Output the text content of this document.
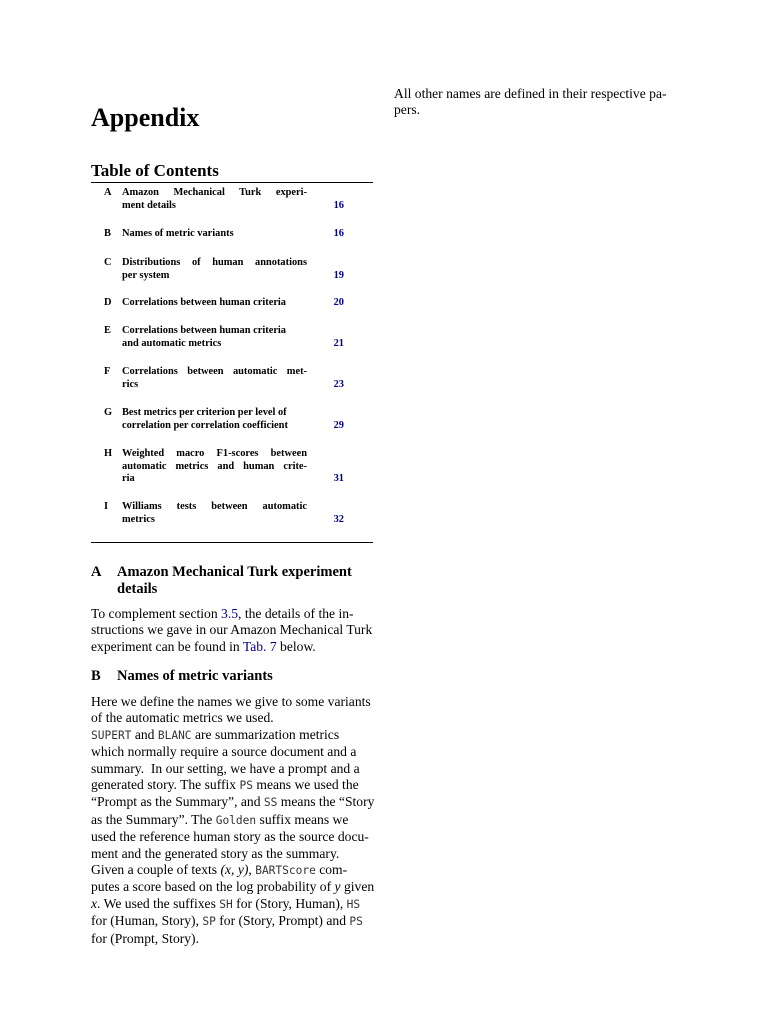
All other names are defined in their respective pa-
pers.
Appendix
Table of Contents
A Amazon Mechanical Turk experi-
ment details	16
B Names of metric variants	16
C Distributions of human annotations
per system	19
D Correlations between human criteria	20
E Correlations between human criteria
and automatic metrics	21
F Correlations between automatic met-
rics	23
G Best metrics per criterion per level of
correlation per correlation coefficient	29
H Weighted macro F1-scores between
automatic metrics and human crite-
ria	31
I Williams tests between automatic
metrics	32
A Amazon Mechanical Turk experiment
details
To complement section 3.5, the details of the in-
structions we gave in our Amazon Mechanical Turk
experiment can be found in Tab. 7 below.
B	Names of metric variants
Here we define the names we give to some variants
of the automatic metrics we used.
SUPERT and BLANC are summarization metrics
which normally require a source document and a
summary.  In our setting, we have a prompt and a
generated story. The suffix PS means we used the
“Prompt as the Summary”, and SS means the “Story
as the Summary”. The Golden suffix means we
used the reference human story as the source docu-
ment and the generated story as the summary.
Given a couple of texts (x, y), BARTScore com-
putes a score based on the log probability of y given
x. We used the suffixes SH for (Story, Human), HS
for (Human, Story), SP for (Story, Prompt) and PS
for (Prompt, Story).
